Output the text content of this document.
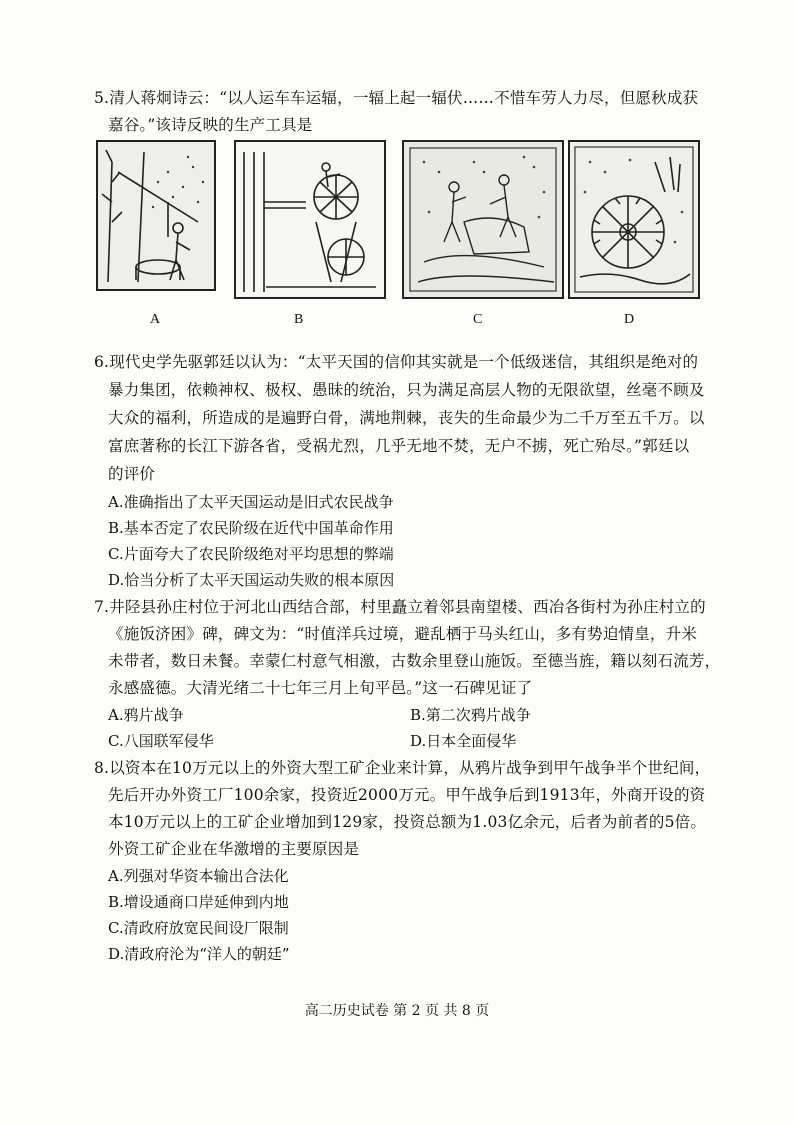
5.清人蒋炯诗云：“以人运车车运辐，一辐上起一辐伏……不惜车劳人力尽，但愿秋成获
嘉谷。”该诗反映的生产工具是
A	B	C	D
6.现代史学先驱郭廷以认为：“太平天国的信仰其实就是一个低级迷信，其组织是绝对的
暴力集团，依赖神权、极权、愚昧的统治，只为满足高层人物的无限欲望，丝毫不顾及
大众的福利，所造成的是遍野白骨，满地荆棘，丧失的生命最少为二千万至五千万。以
富庶著称的长江下游各省，受祸尤烈，几乎无地不焚，无户不掳，死亡殆尽。”郭廷以
的评价
A.准确指出了太平天国运动是旧式农民战争
B.基本否定了农民阶级在近代中国革命作用
C.片面夸大了农民阶级绝对平均思想的弊端
D.恰当分析了太平天国运动失败的根本原因
7.井陉县孙庄村位于河北山西结合部，村里矗立着邻县南望楼、西冶各街村为孙庄村立的
《施饭济困》碑，碑文为：“时值洋兵过境，避乱栖于马头红山，多有势迫情皇，升米
未带者，数日未餐。幸蒙仁村意气相激，古数余里登山施饭。至德当旌，籍以刻石流芳，
永感盛德。大清光绪二十七年三月上旬平邑。”这一石碑见证了
A.鸦片战争	B.第二次鸦片战争
C.八国联军侵华	D.日本全面侵华
8.以资本在10万元以上的外资大型工矿企业来计算，从鸦片战争到甲午战争半个世纪间，
先后开办外资工厂100余家，投资近2000万元。甲午战争后到1913年，外商开设的资
本10万元以上的工矿企业增加到129家，投资总额为1.03亿余元，后者为前者的5倍。
外资工矿企业在华激增的主要原因是
A.列强对华资本输出合法化
B.增设通商口岸延伸到内地
C.清政府放宽民间设厂限制
D.清政府沦为“洋人的朝廷”
高二历史试卷 第 2 页 共 8 页
